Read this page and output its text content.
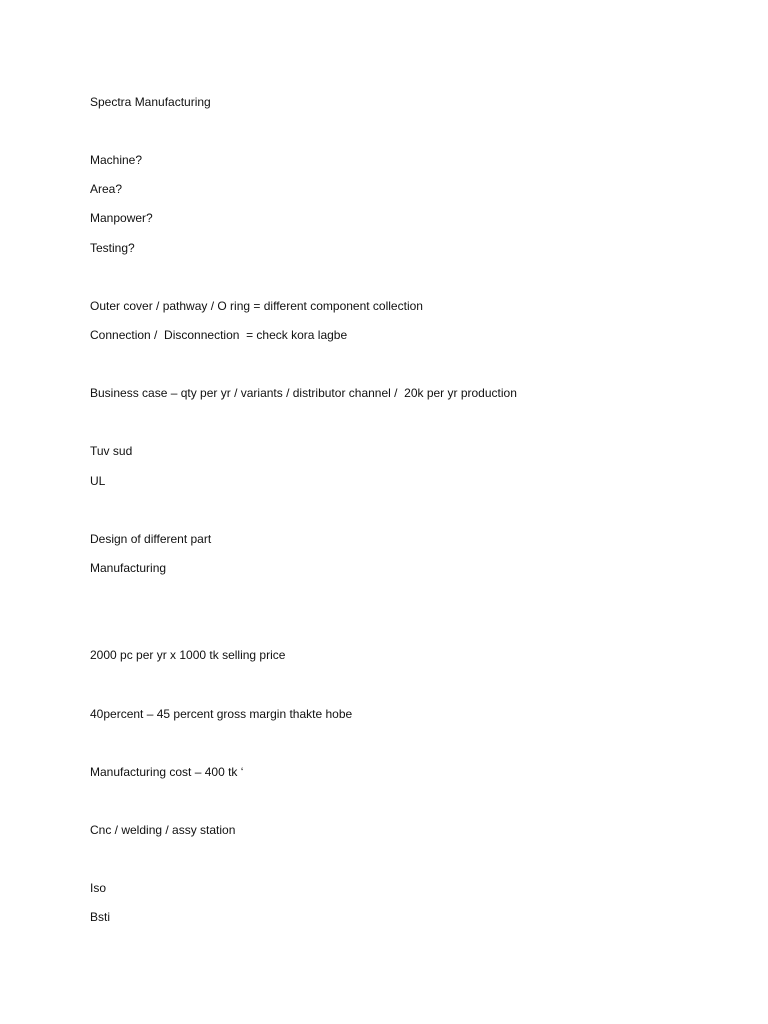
Spectra Manufacturing

Machine?

Area?

Manpower?

Testing?

Outer cover / pathway / O ring = different component collection

Connection /  Disconnection  = check kora lagbe

Business case – qty per yr / variants / distributor channel /  20k per yr production

Tuv sud

UL

Design of different part

Manufacturing

2000 pc per yr x 1000 tk selling price

40percent – 45 percent gross margin thakte hobe

Manufacturing cost – 400 tk ‘

Cnc / welding / assy station

Iso

Bsti
